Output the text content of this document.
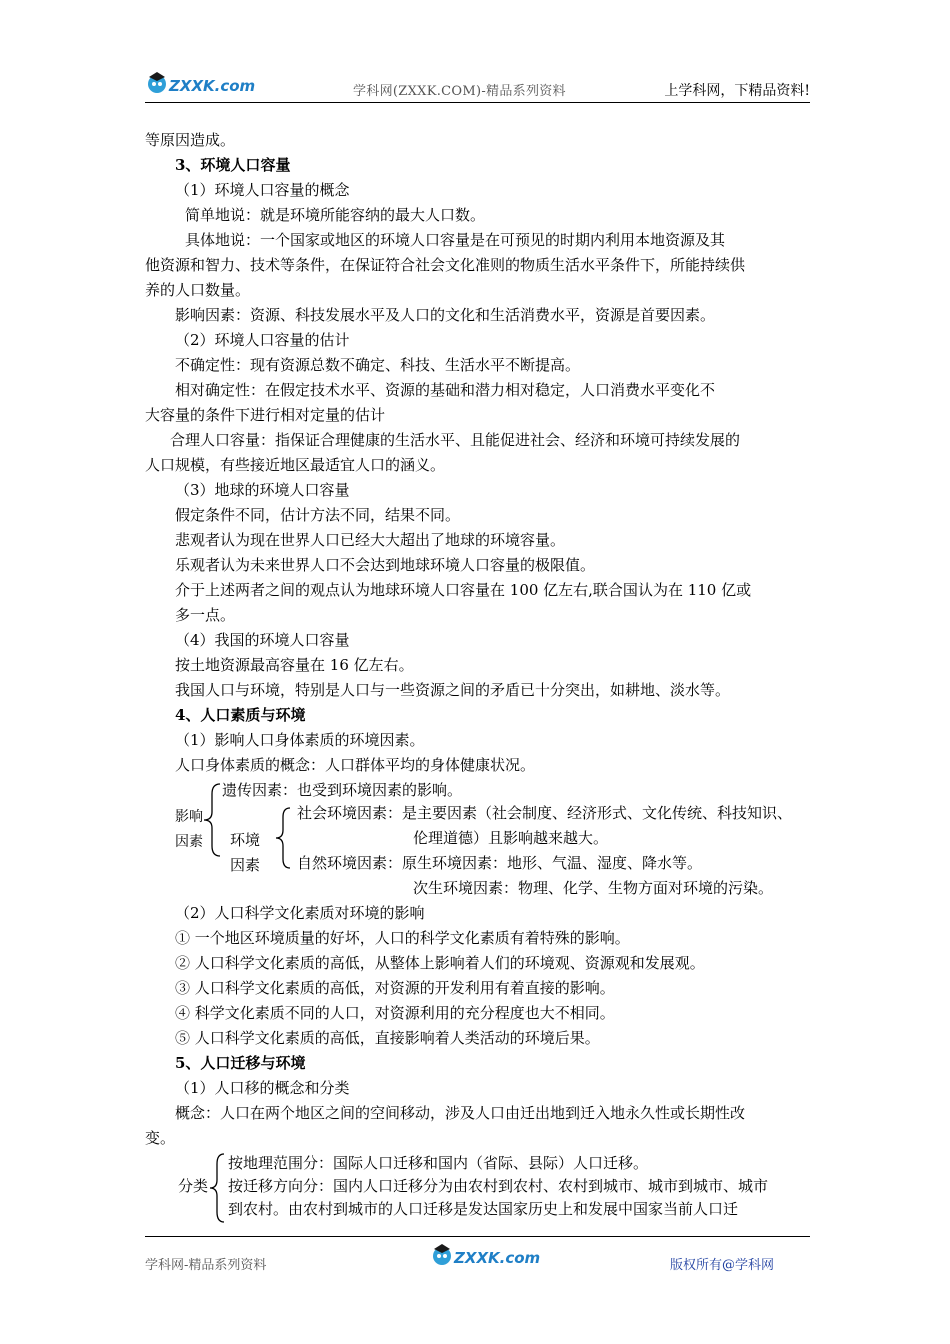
ZXXK.com	学科网(ZXXK.COM)-精品系列资料	上学科网，下精品资料!
等原因造成。
3、环境人口容量
（1）环境人口容量的概念
简单地说：就是环境所能容纳的最大人口数。
具体地说：一个国家或地区的环境人口容量是在可预见的时期内利用本地资源及其
他资源和智力、技术等条件，在保证符合社会文化准则的物质生活水平条件下，所能持续供
养的人口数量。
影响因素：资源、科技发展水平及人口的文化和生活消费水平，资源是首要因素。
（2）环境人口容量的估计
不确定性：现有资源总数不确定、科技、生活水平不断提高。
相对确定性：在假定技术水平、资源的基础和潜力相对稳定，人口消费水平变化不
大容量的条件下进行相对定量的估计
合理人口容量：指保证合理健康的生活水平、且能促进社会、经济和环境可持续发展的
人口规模，有些接近地区最适宜人口的涵义。
（3）地球的环境人口容量
假定条件不同，估计方法不同，结果不同。
悲观者认为现在世界人口已经大大超出了地球的环境容量。
乐观者认为未来世界人口不会达到地球环境人口容量的极限值。
介于上述两者之间的观点认为地球环境人口容量在 100 亿左右,联合国认为在 110 亿或
多一点。
（4）我国的环境人口容量
按土地资源最高容量在 16 亿左右。
我国人口与环境，特别是人口与一些资源之间的矛盾已十分突出，如耕地、淡水等。
4、人口素质与环境
（1）影响人口身体素质的环境因素。
人口身体素质的概念：人口群体平均的身体健康状况。
遗传因素：也受到环境因素的影响。
影响
因素 环境
因素
社会环境因素：是主要因素（社会制度、经济形式、文化传统、科技知识、
伦理道德）且影响越来越大。
自然环境因素：原生环境因素：地形、气温、湿度、降水等。
次生环境因素：物理、化学、生物方面对环境的污染。
（2）人口科学文化素质对环境的影响
① 一个地区环境质量的好坏，人口的科学文化素质有着特殊的影响。
② 人口科学文化素质的高低，从整体上影响着人们的环境观、资源观和发展观。
③ 人口科学文化素质的高低，对资源的开发利用有着直接的影响。
④ 科学文化素质不同的人口，对资源利用的充分程度也大不相同。
⑤ 人口科学文化素质的高低，直接影响着人类活动的环境后果。
5、人口迁移与环境
（1）人口移的概念和分类
概念：人口在两个地区之间的空间移动，涉及人口由迁出地到迁入地永久性或长期性改
变。
按地理范围分：国际人口迁移和国内（省际、县际）人口迁移。
分类 按迁移方向分：国内人口迁移分为由农村到农村、农村到城市、城市到城市、城市
到农村。由农村到城市的人口迁移是发达国家历史上和发展中国家当前人口迁
学科网-精品系列资料	ZXXK.com	版权所有@学科网
